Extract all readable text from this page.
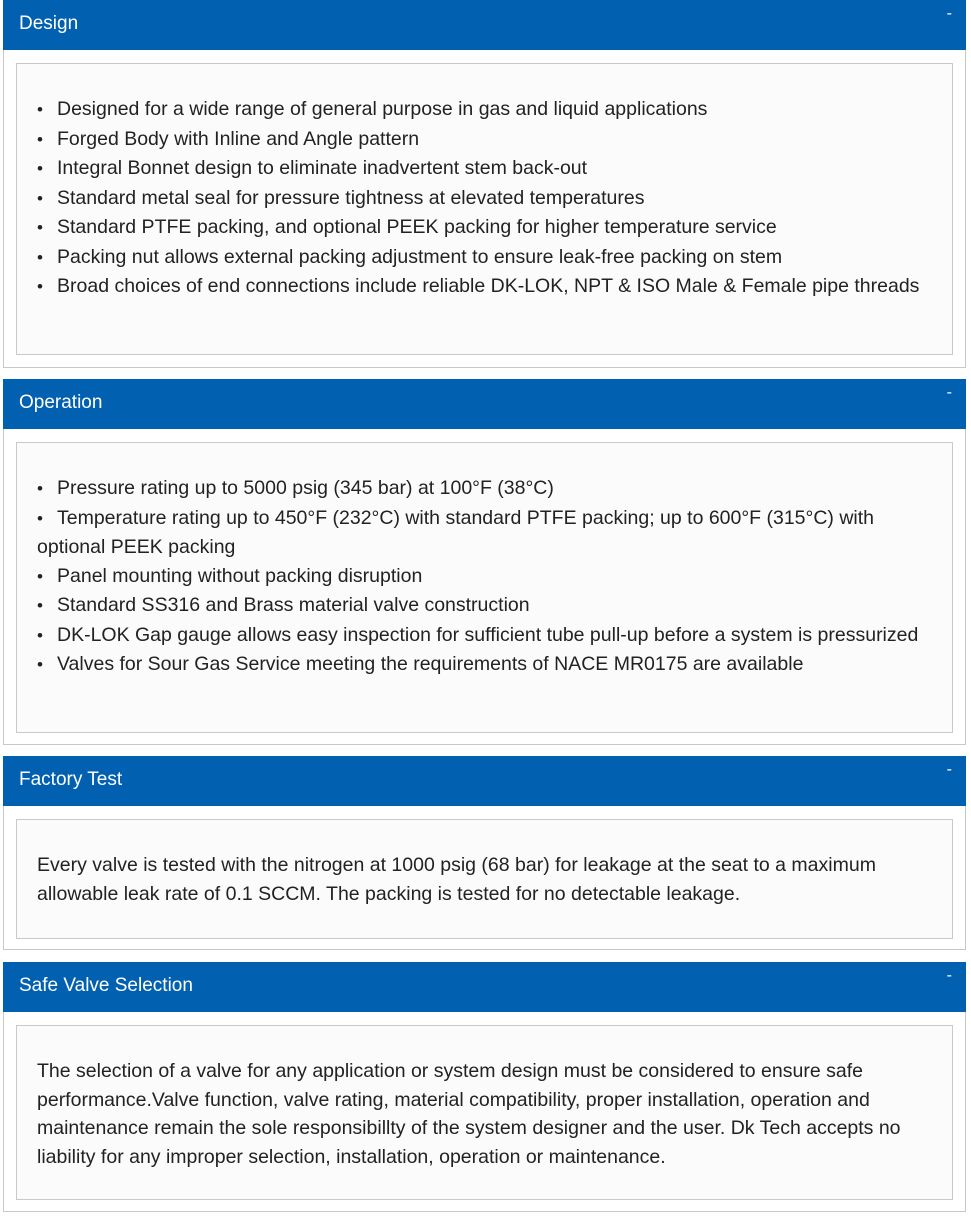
Design	-
• Designed for a wide range of general purpose in gas and liquid applications
• Forged Body with Inline and Angle pattern
• Integral Bonnet design to eliminate inadvertent stem back-out
• Standard metal seal for pressure tightness at elevated temperatures
• Standard PTFE packing, and optional PEEK packing for higher temperature service
• Packing nut allows external packing adjustment to ensure leak-free packing on stem
• Broad choices of end connections include reliable DK-LOK, NPT & ISO Male & Female pipe threads
Operation	-
• Pressure rating up to 5000 psig (345 bar) at 100°F (38°C)
• Temperature rating up to 450°F (232°C) with standard PTFE packing; up to 600°F (315°C) with optional PEEK packing
• Panel mounting without packing disruption
• Standard SS316 and Brass material valve construction
• DK-LOK Gap gauge allows easy inspection for sufficient tube pull-up before a system is pressurized
• Valves for Sour Gas Service meeting the requirements of NACE MR0175 are available
Factory Test	-

Every valve is tested with the nitrogen at 1000 psig (68 bar) for leakage at the seat to a maximum allowable leak rate of 0.1 SCCM. The packing is tested for no detectable leakage.

Safe Valve Selection	-

The selection of a valve for any application or system design must be considered to ensure safe performance.Valve function, valve rating, material compatibility, proper installation, operation and maintenance remain the sole responsibillty of the system designer and the user. Dk Tech accepts no liability for any improper selection, installation, operation or maintenance.
